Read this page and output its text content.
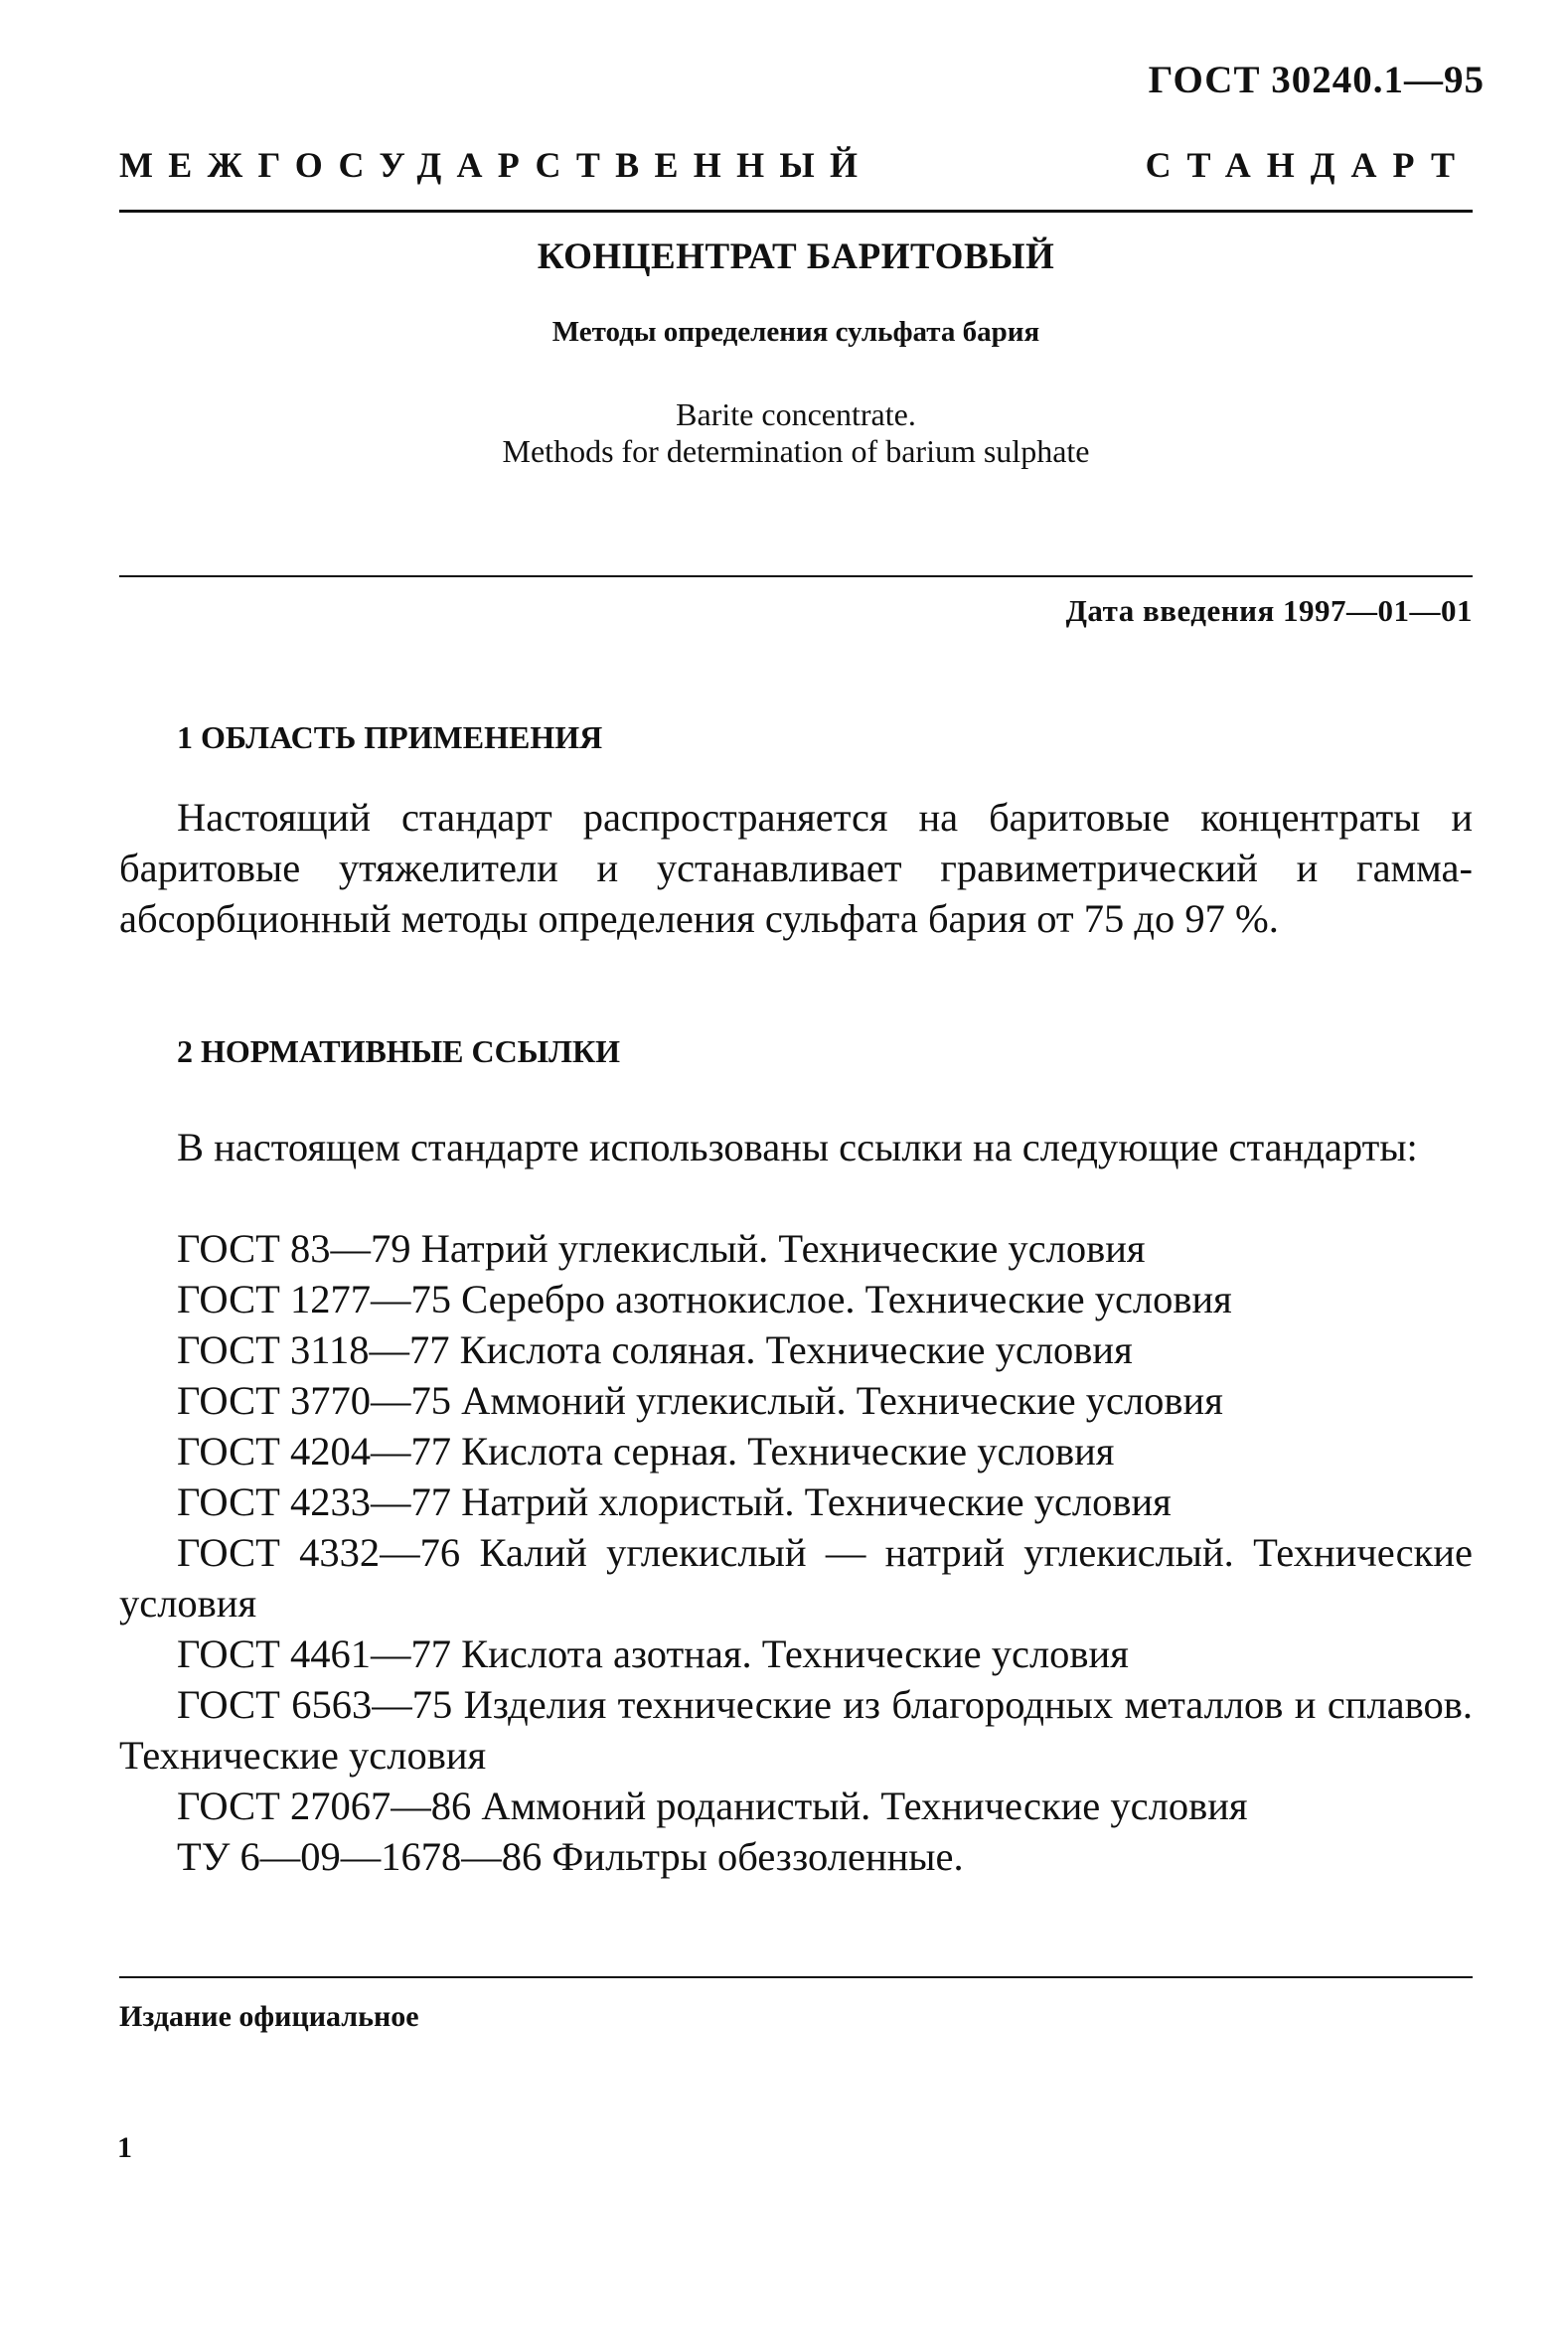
ГОСТ 30240.1—95
МЕЖГОСУДАРСТВЕННЫЙ	СТАНДАРТ
КОНЦЕНТРАТ БАРИТОВЫЙ
Методы определения сульфата бария
Barite concentrate.
Methods for determination of barium sulphate
Дата введения 1997—01—01
1 ОБЛАСТЬ ПРИМЕНЕНИЯ
Настоящий стандарт распространяется на баритовые концентраты и баритовые утяжелители и устанавливает гравиметрический и гамма-абсорбционный методы определения сульфата бария от 75 до 97 %.
2 НОРМАТИВНЫЕ ССЫЛКИ
В настоящем стандарте использованы ссылки на следующие стандарты:
ГОСТ 83—79 Натрий углекислый. Технические условия
ГОСТ 1277—75 Серебро азотнокислое. Технические условия
ГОСТ 3118—77 Кислота соляная. Технические условия
ГОСТ 3770—75 Аммоний углекислый. Технические условия
ГОСТ 4204—77 Кислота серная. Технические условия
ГОСТ 4233—77 Натрий хлористый. Технические условия
ГОСТ 4332—76 Калий углекислый — натрий углекислый. Технические условия
ГОСТ 4461—77 Кислота азотная. Технические условия
ГОСТ 6563—75 Изделия технические из благородных металлов и сплавов. Технические условия
ГОСТ 27067—86 Аммоний роданистый. Технические условия
ТУ 6—09—1678—86 Фильтры обеззоленные.
Издание официальное
1
